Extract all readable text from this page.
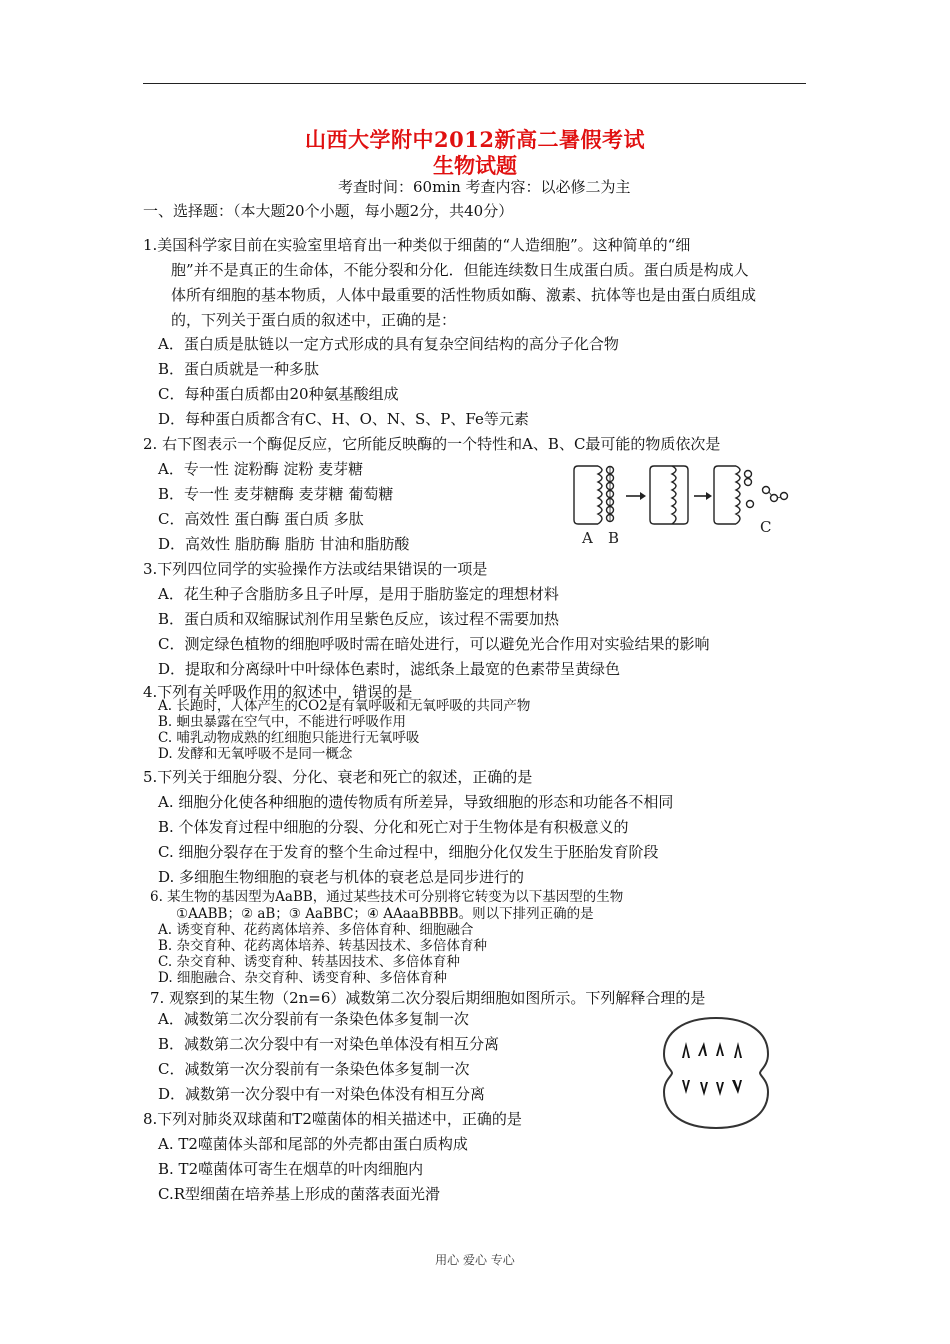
山西大学附中2012新高二暑假考试
生物试题
考查时间：60min 考查内容：以必修二为主
一、选择题：（本大题20个小题，每小题2分，共40分）
1.美国科学家目前在实验室里培育出一种类似于细菌的“人造细胞”。这种简单的“细
胞”并不是真正的生命体，不能分裂和分化．但能连续数日生成蛋白质。蛋白质是构成人
体所有细胞的基本物质，人体中最重要的活性物质如酶、激素、抗体等也是由蛋白质组成
的，下列关于蛋白质的叙述中，正确的是：
A．蛋白质是肽链以一定方式形成的具有复杂空间结构的高分子化合物
B．蛋白质就是一种多肽
C．每种蛋白质都由20种氨基酸组成
D．每种蛋白质都含有C、H、O、N、S、P、Fe等元素
2. 右下图表示一个酶促反应，它所能反映酶的一个特性和A、B、C最可能的物质依次是
A．专一性 淀粉酶 淀粉 麦芽糖
B．专一性 麦芽糖酶 麦芽糖 葡萄糖
C．高效性 蛋白酶 蛋白质 多肽
D．高效性 脂肪酶 脂肪 甘油和脂肪酸	A B
C
3.下列四位同学的实验操作方法或结果错误的一项是
A．花生种子含脂肪多且子叶厚，是用于脂肪鉴定的理想材料
B．蛋白质和双缩脲试剂作用呈紫色反应，该过程不需要加热
C．测定绿色植物的细胞呼吸时需在暗处进行，可以避免光合作用对实验结果的影响
D．提取和分离绿叶中叶绿体色素时，滤纸条上最宽的色素带呈黄绿色
4.下列有关呼吸作用的叙述中，错误的是
A. 长跑时，人体产生的CO2是有氧呼吸和无氧呼吸的共同产物
B. 蛔虫暴露在空气中，不能进行呼吸作用
C. 哺乳动物成熟的红细胞只能进行无氧呼吸
D. 发酵和无氧呼吸不是同一概念
5.下列关于细胞分裂、分化、衰老和死亡的叙述，正确的是
A. 细胞分化使各种细胞的遗传物质有所差异，导致细胞的形态和功能各不相同
B. 个体发育过程中细胞的分裂、分化和死亡对于生物体是有积极意义的
C. 细胞分裂存在于发育的整个生命过程中，细胞分化仅发生于胚胎发育阶段
D. 多细胞生物细胞的衰老与机体的衰老总是同步进行的
6. 某生物的基因型为AaBB，通过某些技术可分别将它转变为以下基因型的生物
①AABB；② aB；③ AaBBC；④ AAaaBBBB。则以下排列正确的是
A. 诱变育种、花药离体培养、多倍体育种、细胞融合
B. 杂交育种、花药离体培养、转基因技术、多倍体育种
C. 杂交育种、诱变育种、转基因技术、多倍体育种
D. 细胞融合、杂交育种、诱变育种、多倍体育种
7. 观察到的某生物（2n=6）减数第二次分裂后期细胞如图所示。下列解释合理的是
A．减数第二次分裂前有一条染色体多复制一次
B．减数第二次分裂中有一对染色单体没有相互分离
C．减数第一次分裂前有一条染色体多复制一次
D．减数第一次分裂中有一对染色体没有相互分离
8.下列对肺炎双球菌和T2噬菌体的相关描述中，正确的是
A. T2噬菌体头部和尾部的外壳都由蛋白质构成
B. T2噬菌体可寄生在烟草的叶肉细胞内
C.R型细菌在培养基上形成的菌落表面光滑
用心 爱心 专心
